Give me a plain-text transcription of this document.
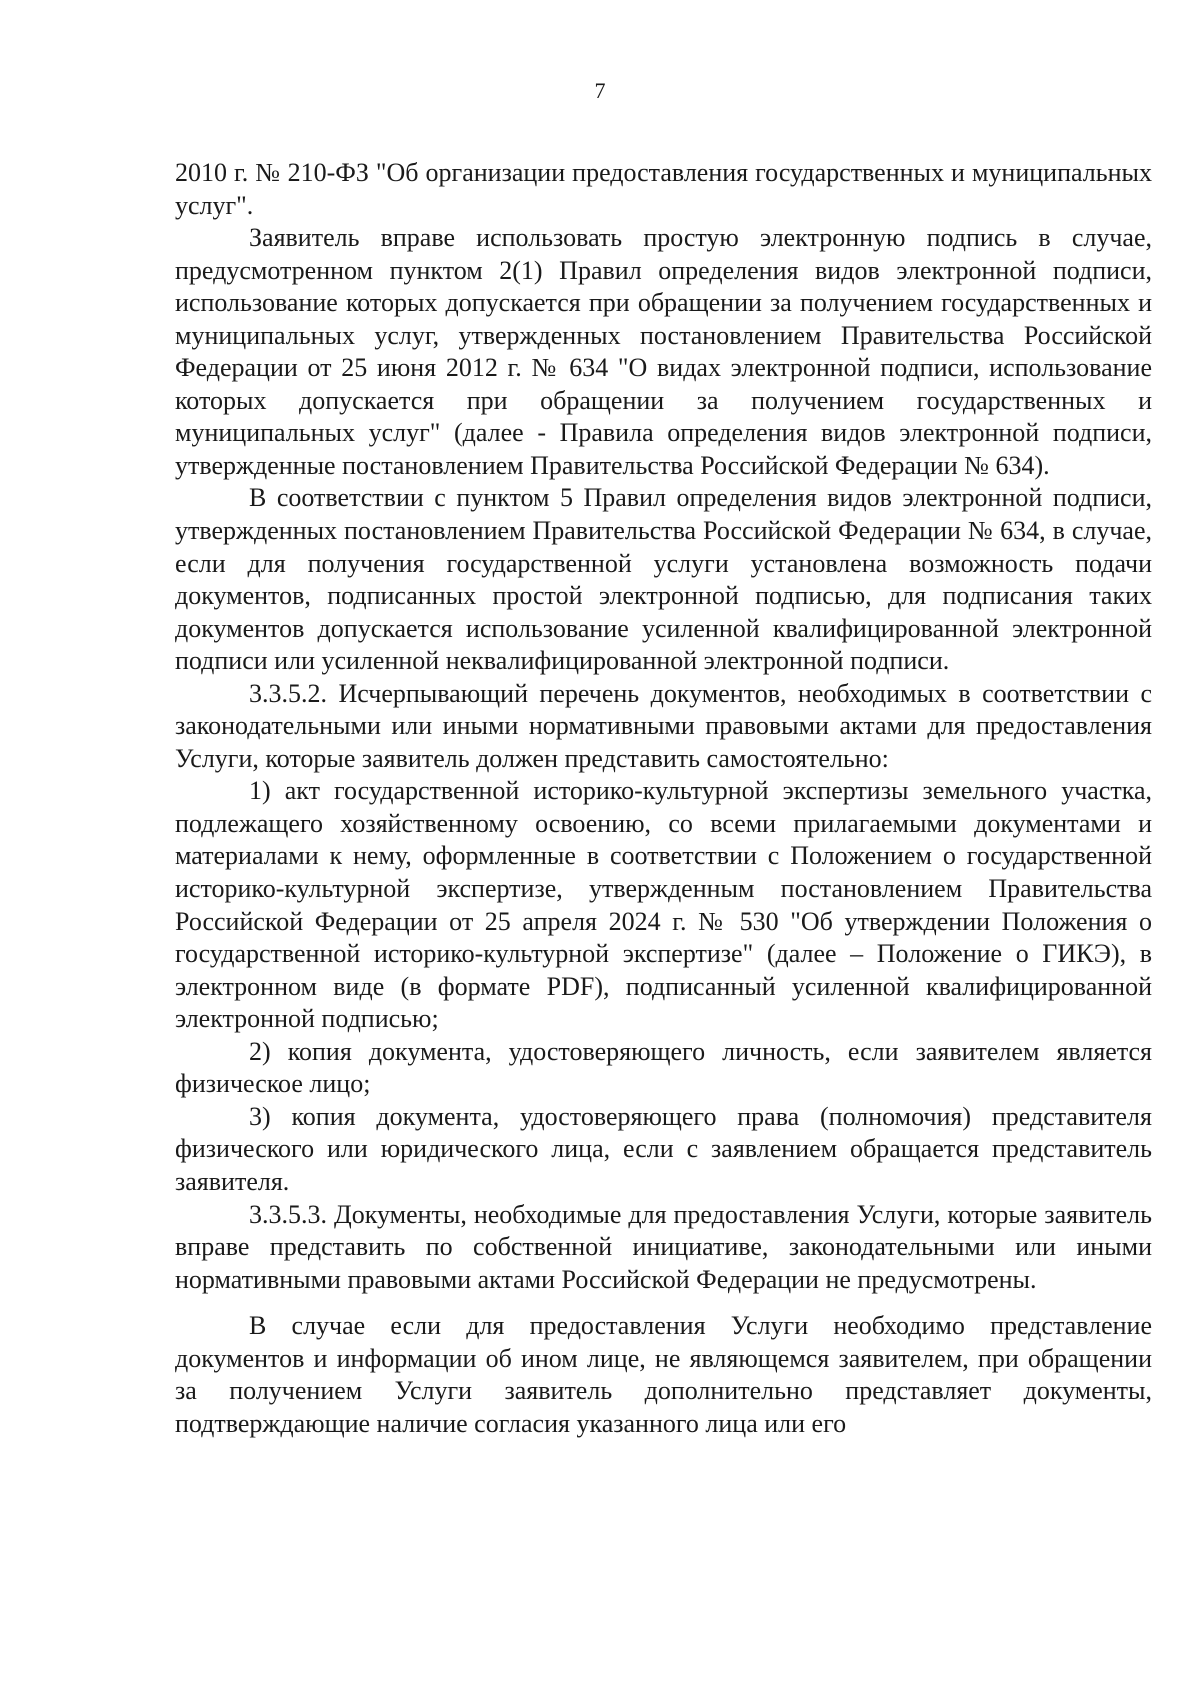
7

2010 г. № 210-ФЗ "Об организации предоставления государственных и муниципальных услуг".

Заявитель вправе использовать простую электронную подпись в случае, предусмотренном пунктом 2(1) Правил определения видов электронной подписи, использование которых допускается при обращении за получением государственных и муниципальных услуг, утвержденных постановлением Правительства Российской Федерации от 25 июня 2012 г. № 634 "О видах электронной подписи, использование которых допускается при обращении за получением государственных и муниципальных услуг" (далее - Правила определения видов электронной подписи, утвержденные постановлением Правительства Российской Федерации № 634).

В соответствии с пунктом 5 Правил определения видов электронной подписи, утвержденных постановлением Правительства Российской Федерации № 634, в случае, если для получения государственной услуги установлена возможность подачи документов, подписанных простой электронной подписью, для подписания таких документов допускается использование усиленной квалифицированной электронной подписи или усиленной неквалифицированной электронной подписи.

3.3.5.2. Исчерпывающий перечень документов, необходимых в соответствии с законодательными или иными нормативными правовыми актами для предоставления Услуги, которые заявитель должен представить самостоятельно:

1) акт государственной историко-культурной экспертизы земельного участка, подлежащего хозяйственному освоению, со всеми прилагаемыми документами и материалами к нему, оформленные в соответствии с Положением о государственной историко-культурной экспертизе, утвержденным постановлением Правительства Российской Федерации от 25 апреля 2024 г. № 530 "Об утверждении Положения о государственной историко-культурной экспертизе" (далее – Положение о ГИКЭ), в электронном виде (в формате PDF), подписанный усиленной квалифицированной электронной подписью;

2) копия документа, удостоверяющего личность, если заявителем является физическое лицо;

3) копия документа, удостоверяющего права (полномочия) представителя физического или юридического лица, если с заявлением обращается представитель заявителя.

3.3.5.3. Документы, необходимые для предоставления Услуги, которые заявитель вправе представить по собственной инициативе, законодательными или иными нормативными правовыми актами Российской Федерации не предусмотрены.

В случае если для предоставления Услуги необходимо представление документов и информации об ином лице, не являющемся заявителем, при обращении за получением Услуги заявитель дополнительно представляет документы, подтверждающие наличие согласия указанного лица или его
